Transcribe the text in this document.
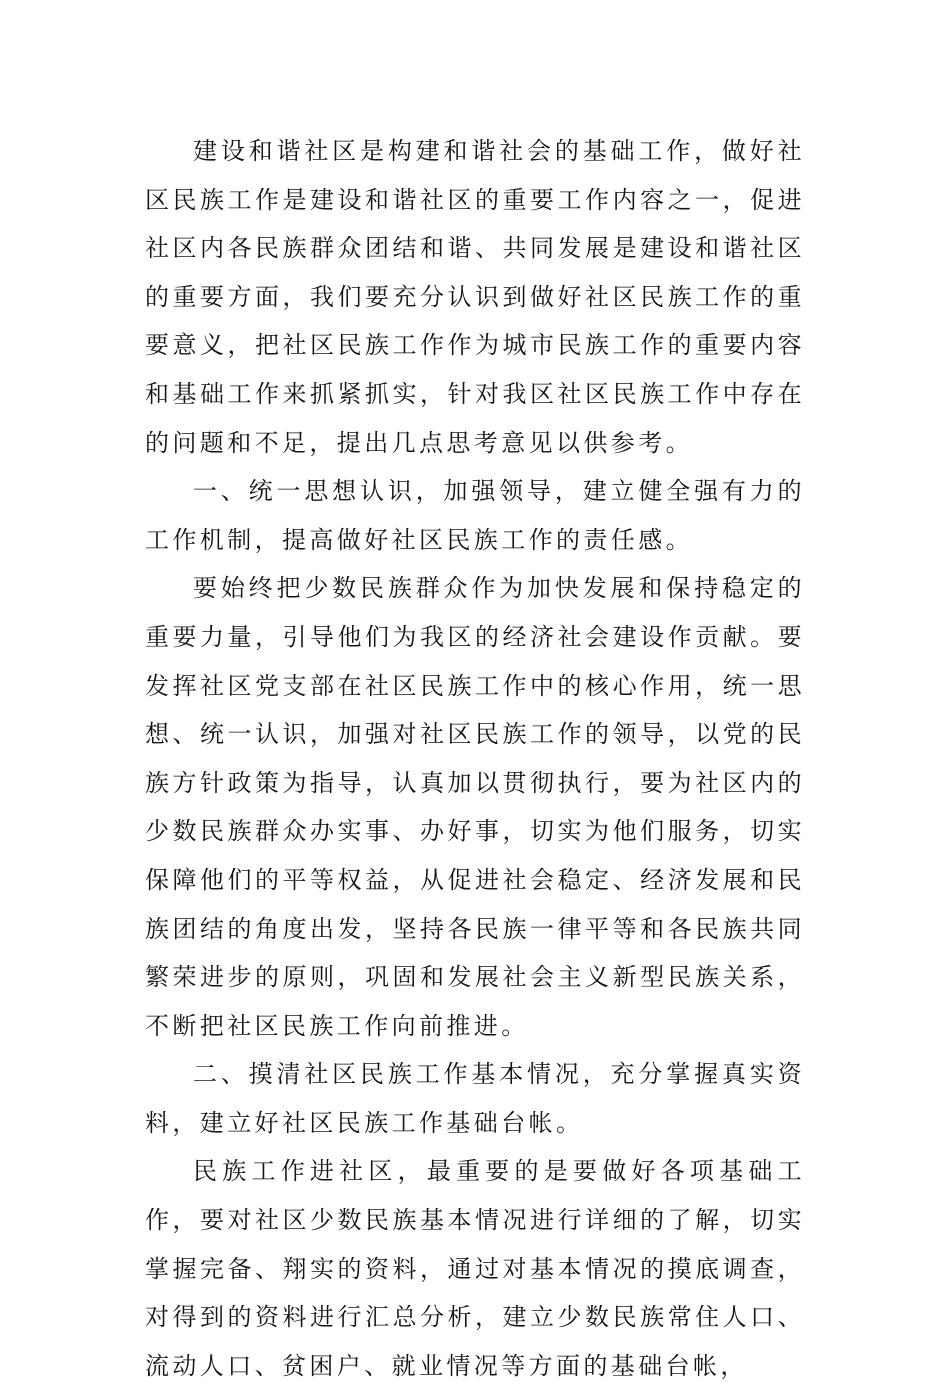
建设和谐社区是构建和谐社会的基础工作，做好社区民族工作是建设和谐社区的重要工作内容之一，促进社区内各民族群众团结和谐、共同发展是建设和谐社区的重要方面，我们要充分认识到做好社区民族工作的重要意义，把社区民族工作作为城市民族工作的重要内容和基础工作来抓紧抓实，针对我区社区民族工作中存在的问题和不足，提出几点思考意见以供参考。

一、统一思想认识，加强领导，建立健全强有力的工作机制，提高做好社区民族工作的责任感。

要始终把少数民族群众作为加快发展和保持稳定的重要力量，引导他们为我区的经济社会建设作贡献。要发挥社区党支部在社区民族工作中的核心作用，统一思想、统一认识，加强对社区民族工作的领导，以党的民族方针政策为指导，认真加以贯彻执行，要为社区内的少数民族群众办实事、办好事，切实为他们服务，切实保障他们的平等权益，从促进社会稳定、经济发展和民族团结的角度出发，坚持各民族一律平等和各民族共同繁荣进步的原则，巩固和发展社会主义新型民族关系，不断把社区民族工作向前推进。

二、摸清社区民族工作基本情况，充分掌握真实资料，建立好社区民族工作基础台帐。

民族工作进社区，最重要的是要做好各项基础工作，要对社区少数民族基本情况进行详细的了解，切实掌握完备、翔实的资料，通过对基本情况的摸底调查，对得到的资料进行汇总分析，建立少数民族常住人口、流动人口、贫困户、就业情况等方面的基础台帐，
